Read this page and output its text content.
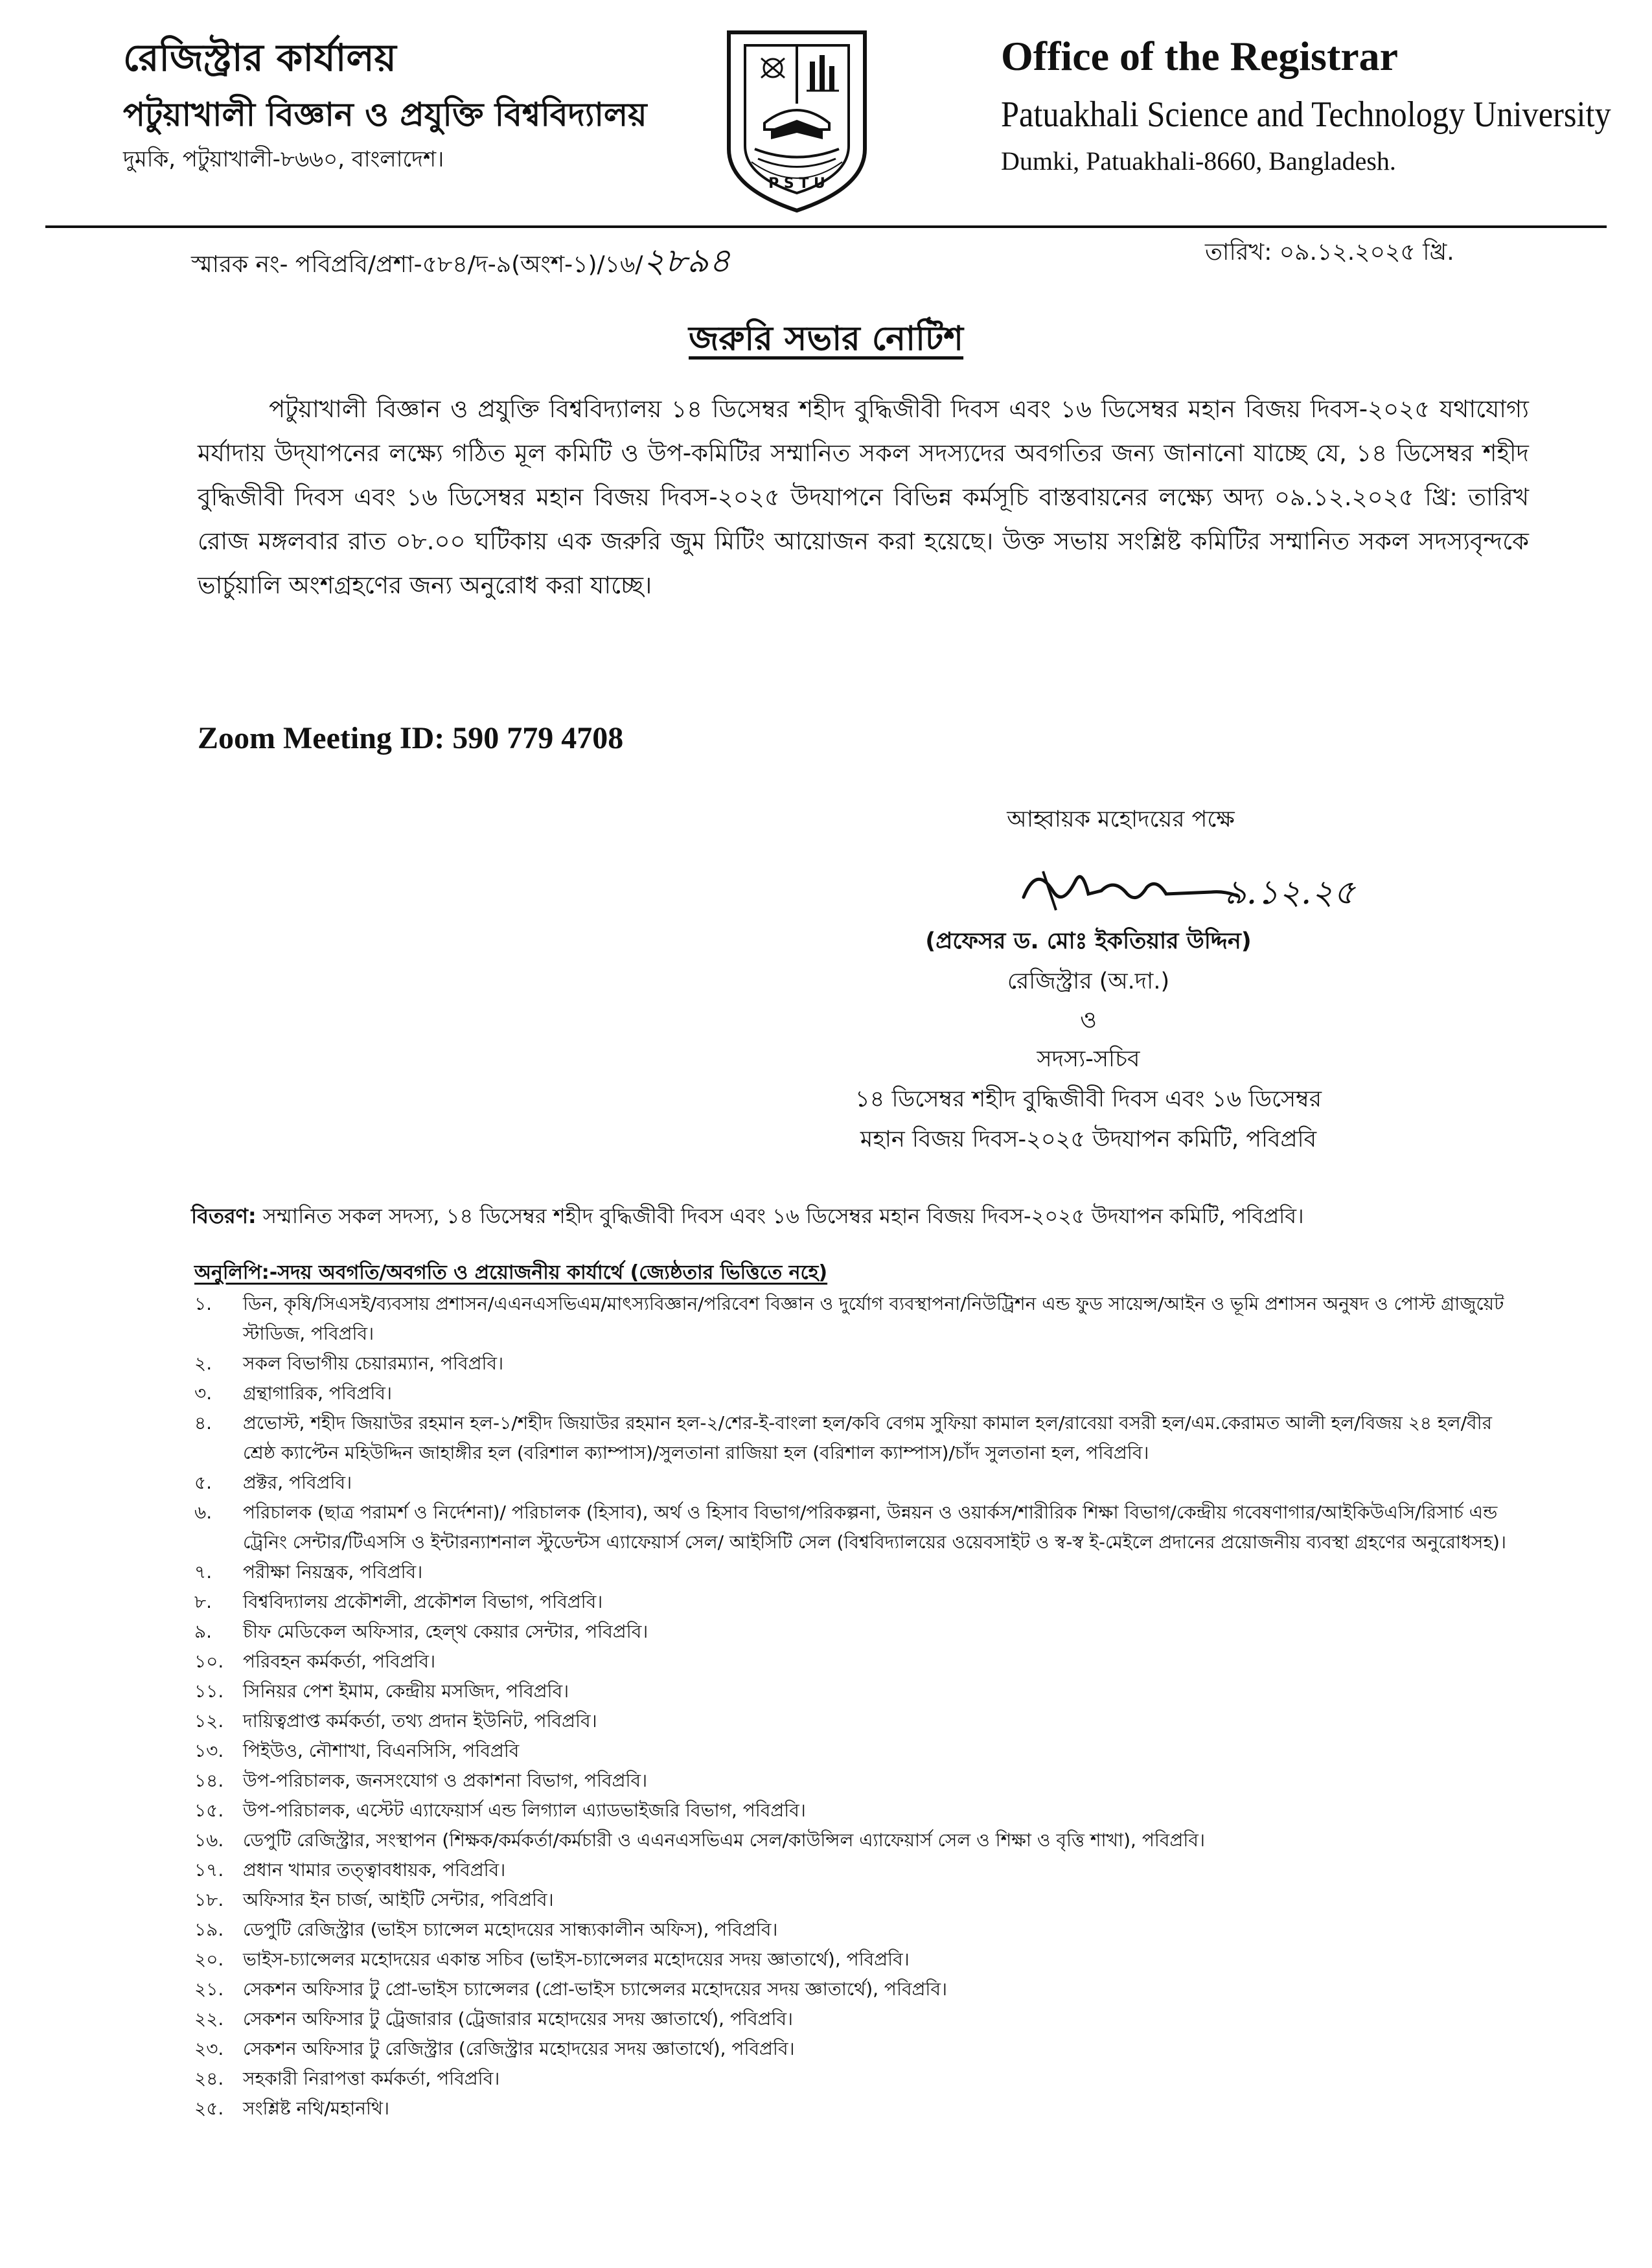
রেজিস্ট্রার কার্যালয়
পটুয়াখালী বিজ্ঞান ও প্রযুক্তি বিশ্ববিদ্যালয়
দুমকি, পটুয়াখালী-৮৬৬০, বাংলাদেশ।
P S T U
Office of the Registrar
Patuakhali Science and Technology University
Dumki, Patuakhali-8660, Bangladesh.
স্মারক নং- পবিপ্রবি/প্রশা-৫৮৪/দ-৯(অংশ-১)/১৬/২৮৯৪	তারিখ: ০৯.১২.২০২৫ খ্রি.
জরুরি সভার নোটিশ
পটুয়াখালী বিজ্ঞান ও প্রযুক্তি বিশ্ববিদ্যালয় ১৪ ডিসেম্বর শহীদ বুদ্ধিজীবী দিবস এবং ১৬ ডিসেম্বর মহান বিজয় দিবস-২০২৫ যথাযোগ্য মর্যাদায় উদ্‌যাপনের লক্ষ্যে গঠিত মূল কমিটি ও উপ-কমিটির সম্মানিত সকল সদস্যদের অবগতির জন্য জানানো যাচ্ছে যে, ১৪ ডিসেম্বর শহীদ বুদ্ধিজীবী দিবস এবং ১৬ ডিসেম্বর মহান বিজয় দিবস-২০২৫ উদযাপনে বিভিন্ন কর্মসূচি বাস্তবায়নের লক্ষ্যে অদ্য ০৯.১২.২০২৫ খ্রি: তারিখ রোজ মঙ্গলবার রাত ০৮.০০ ঘটিকায় এক জরুরি জুম মিটিং আয়োজন করা হয়েছে। উক্ত সভায় সংশ্লিষ্ট কমিটির সম্মানিত সকল সদস্যবৃন্দকে ভার্চুয়ালি অংশগ্রহণের জন্য অনুরোধ করা যাচ্ছে।
Zoom Meeting ID: 590 779 4708
আহ্বায়ক মহোদয়ের পক্ষে
৯.১২.২৫
(প্রফেসর ড. মোঃ ইকতিয়ার উদ্দিন)
রেজিস্ট্রার (অ.দা.)
ও
সদস্য-সচিব
১৪ ডিসেম্বর শহীদ বুদ্ধিজীবী দিবস এবং ১৬ ডিসেম্বর
মহান বিজয় দিবস-২০২৫ উদযাপন কমিটি, পবিপ্রবি
বিতরণ: সম্মানিত সকল সদস্য, ১৪ ডিসেম্বর শহীদ বুদ্ধিজীবী দিবস এবং ১৬ ডিসেম্বর মহান বিজয় দিবস-২০২৫ উদযাপন কমিটি, পবিপ্রবি।
অনুলিপি:-সদয় অবগতি/অবগতি ও প্রয়োজনীয় কার্যার্থে (জ্যেষ্ঠতার ভিত্তিতে নহে)
১.	ডিন, কৃষি/সিএসই/ব্যবসায় প্রশাসন/এএনএসভিএম/মাৎস্যবিজ্ঞান/পরিবেশ বিজ্ঞান ও দুর্যোগ ব্যবস্থাপনা/নিউট্রিশন এন্ড ফুড সায়েন্স/আইন ও ভূমি প্রশাসন অনুষদ ও পোস্ট গ্রাজুয়েট স্টাডিজ, পবিপ্রবি।
২.	সকল বিভাগীয় চেয়ারম্যান, পবিপ্রবি।
৩.	গ্রন্থাগারিক, পবিপ্রবি।
৪.	প্রভোস্ট, শহীদ জিয়াউর রহমান হল-১/শহীদ জিয়াউর রহমান হল-২/শের-ই-বাংলা হল/কবি বেগম সুফিয়া কামাল হল/রাবেয়া বসরী হল/এম.কেরামত আলী হল/বিজয় ২৪ হল/বীর শ্রেষ্ঠ ক্যাপ্টেন মহিউদ্দিন জাহাঙ্গীর হল (বরিশাল ক্যাম্পাস)/সুলতানা রাজিয়া হল (বরিশাল ক্যাম্পাস)/চাঁদ সুলতানা হল, পবিপ্রবি।
৫.	প্রক্টর, পবিপ্রবি।
৬.	পরিচালক (ছাত্র পরামর্শ ও নির্দেশনা)/ পরিচালক (হিসাব), অর্থ ও হিসাব বিভাগ/পরিকল্পনা, উন্নয়ন ও ওয়ার্কস/শারীরিক শিক্ষা বিভাগ/কেন্দ্রীয় গবেষণাগার/আইকিউএসি/রিসার্চ এন্ড ট্রেনিং সেন্টার/টিএসসি ও ইন্টারন্যাশনাল স্টুডেন্টস এ্যাফেয়ার্স সেল/ আইসিটি সেল (বিশ্ববিদ্যালয়ের ওয়েবসাইট ও স্ব-স্ব ই-মেইলে প্রদানের প্রয়োজনীয় ব্যবস্থা গ্রহণের অনুরোধসহ)।
৭.	পরীক্ষা নিয়ন্ত্রক, পবিপ্রবি।
৮.	বিশ্ববিদ্যালয় প্রকৌশলী, প্রকৌশল বিভাগ, পবিপ্রবি।
৯.	চীফ মেডিকেল অফিসার, হেল্থ কেয়ার সেন্টার, পবিপ্রবি।
১০.	পরিবহন কর্মকর্তা, পবিপ্রবি।
১১.	সিনিয়র পেশ ইমাম, কেন্দ্রীয় মসজিদ, পবিপ্রবি।
১২.	দায়িত্বপ্রাপ্ত কর্মকর্তা, তথ্য প্রদান ইউনিট, পবিপ্রবি।
১৩.	পিইউও, নৌশাখা, বিএনসিসি, পবিপ্রবি
১৪.	উপ-পরিচালক, জনসংযোগ ও প্রকাশনা বিভাগ, পবিপ্রবি।
১৫.	উপ-পরিচালক, এস্টেট এ্যাফেয়ার্স এন্ড লিগ্যাল এ্যাডভাইজরি বিভাগ, পবিপ্রবি।
১৬.	ডেপুটি রেজিস্ট্রার, সংস্থাপন (শিক্ষক/কর্মকর্তা/কর্মচারী ও এএনএসভিএম সেল/কাউন্সিল এ্যাফেয়ার্স সেল ও শিক্ষা ও বৃত্তি শাখা), পবিপ্রবি।
১৭.	প্রধান খামার তত্ত্বাবধায়ক, পবিপ্রবি।
১৮.	অফিসার ইন চার্জ, আইটি সেন্টার, পবিপ্রবি।
১৯.	ডেপুটি রেজিস্ট্রার (ভাইস চ্যান্সেল মহোদয়ের সান্ধ্যকালীন অফিস), পবিপ্রবি।
২০.	ভাইস-চ্যান্সেলর মহোদয়ের একান্ত সচিব (ভাইস-চ্যান্সেলর মহোদয়ের সদয় জ্ঞাতার্থে), পবিপ্রবি।
২১.	সেকশন অফিসার টু প্রো-ভাইস চ্যান্সেলর (প্রো-ভাইস চ্যান্সেলর মহোদয়ের সদয় জ্ঞাতার্থে), পবিপ্রবি।
২২.	সেকশন অফিসার টু ট্রেজারার (ট্রেজারার মহোদয়ের সদয় জ্ঞাতার্থে), পবিপ্রবি।
২৩.	সেকশন অফিসার টু রেজিস্ট্রার (রেজিস্ট্রার মহোদয়ের সদয় জ্ঞাতার্থে), পবিপ্রবি।
২৪.	সহকারী নিরাপত্তা কর্মকর্তা, পবিপ্রবি।
২৫.	সংশ্লিষ্ট নথি/মহানথি।
